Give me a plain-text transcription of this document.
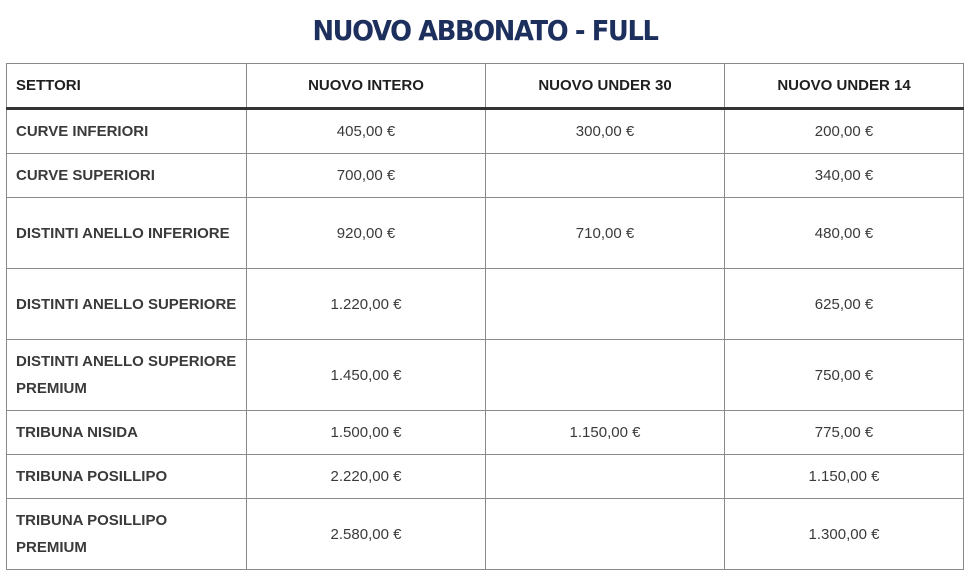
NUOVO ABBONATO - FULL
SETTORI	NUOVO INTERO	NUOVO UNDER 30	NUOVO UNDER 14
CURVE INFERIORI	405,00 €	300,00 €	200,00 €
CURVE SUPERIORI	700,00 €		340,00 €
DISTINTI ANELLO INFERIORE	920,00 €	710,00 €	480,00 €
DISTINTI ANELLO SUPERIORE	1.220,00 €		625,00 €
DISTINTI ANELLO SUPERIORE PREMIUM	1.450,00 €		750,00 €
TRIBUNA NISIDA	1.500,00 €	1.150,00 €	775,00 €
TRIBUNA POSILLIPO	2.220,00 €		1.150,00 €
TRIBUNA POSILLIPO PREMIUM	2.580,00 €		1.300,00 €
